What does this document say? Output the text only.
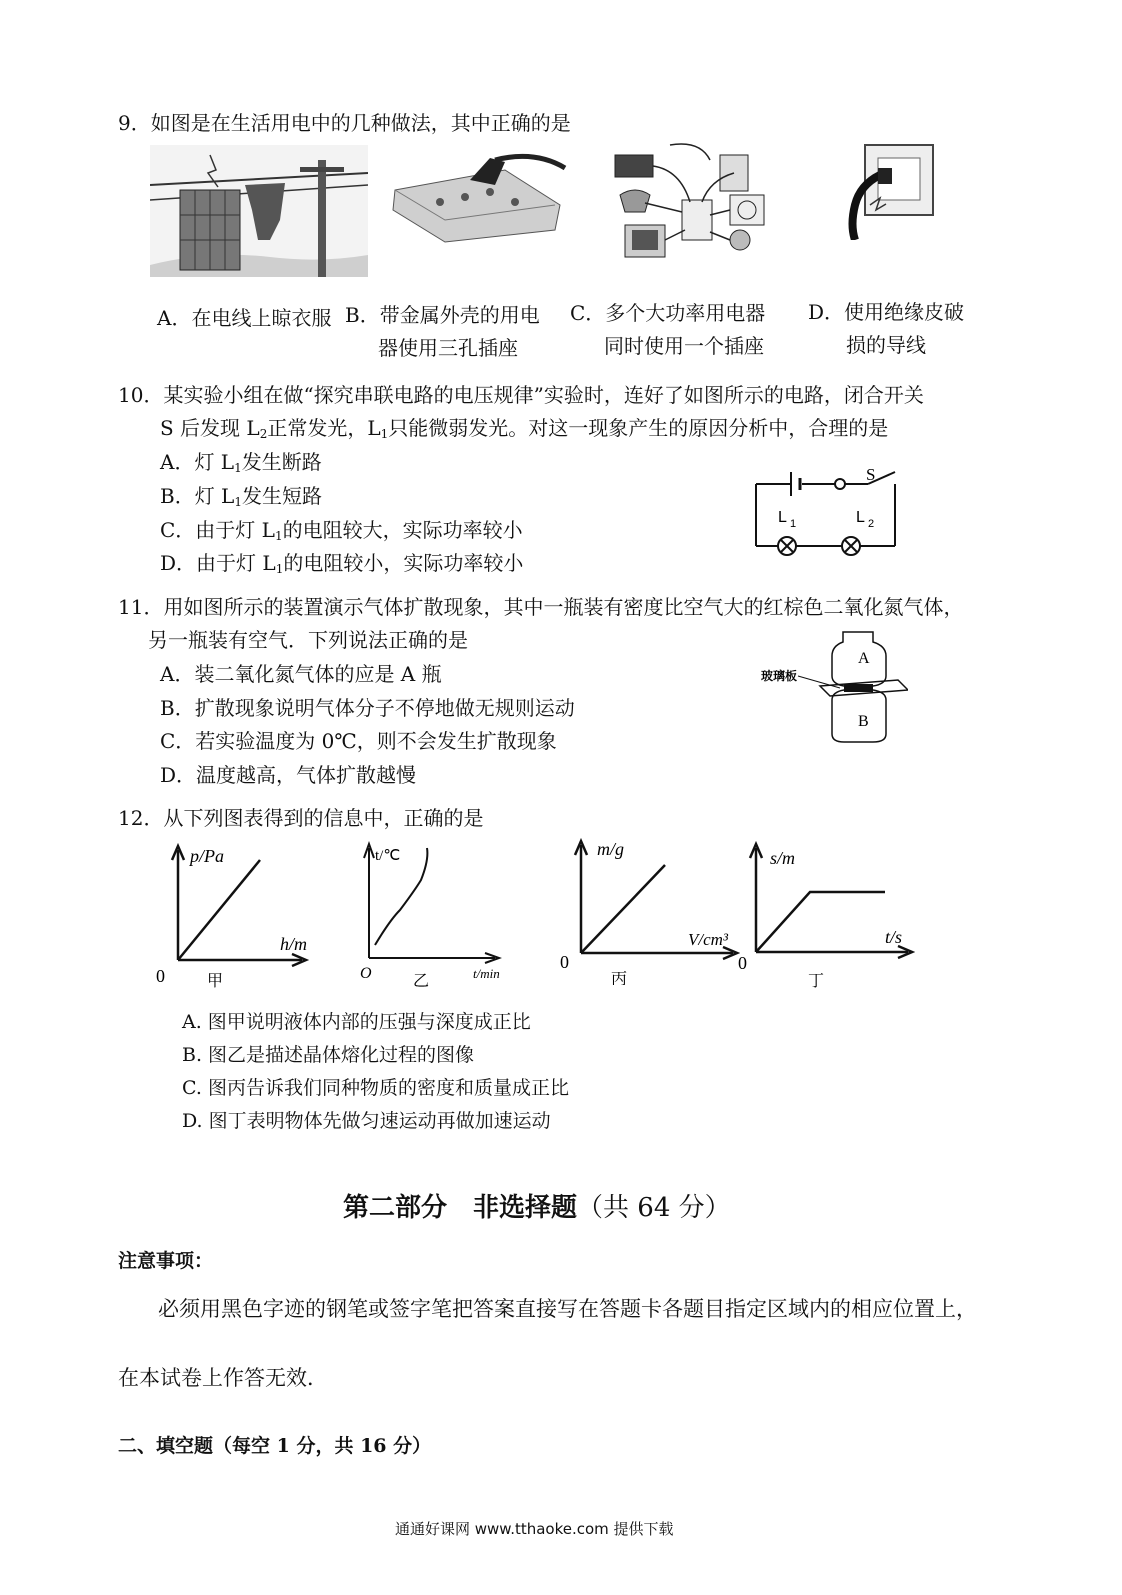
9．如图是在生活用电中的几种做法，其中正确的是
A．在电线上晾衣服 B．带金属外壳的用电
器使用三孔插座
C．多个大功率用电器
同时使用一个插座
D．使用绝缘皮破
损的导线
10．某实验小组在做“探究串联电路的电压规律”实验时，连好了如图所示的电路，闭合开关
S 后发现 $L_2$正常发光，$L_1$只能微弱发光。对这一现象产生的原因分析中，合理的是
A．灯 $L_1$发生断路
B．灯 $L_1$发生短路
C．由于灯 $L_1$的电阻较大，实际功率较小
D．由于灯 $L_1$的电阻较小，实际功率较小
S
L 1	L 2
11．用如图所示的装置演示气体扩散现象，其中一瓶装有密度比空气大的红棕色二氧化氮气体，
另一瓶装有空气．下列说法正确的是
A．装二氧化氮气体的应是 A 瓶
B．扩散现象说明气体分子不停地做无规则运动
C．若实验温度为 0℃，则不会发生扩散现象
D．温度越高，气体扩散越慢
玻璃板
A
B
12．从下列图表得到的信息中，正确的是
p/Pa
h/m
0	甲
t/℃
t/min
O	乙
m/g
V/cm³
0
丙
s/m
t/s
0
丁
A. 图甲说明液体内部的压强与深度成正比
B. 图乙是描述晶体熔化过程的图像
C. 图丙告诉我们同种物质的密度和质量成正比
D. 图丁表明物体先做匀速运动再做加速运动
第二部分　非选择题（共 64 分）
注意事项：
必须用黑色字迹的钢笔或签字笔把答案直接写在答题卡各题目指定区域内的相应位置上，
在本试卷上作答无效．
二、填空题（每空 1 分，共 16 分）
通通好课网 www.tthaoke.com 提供下载
